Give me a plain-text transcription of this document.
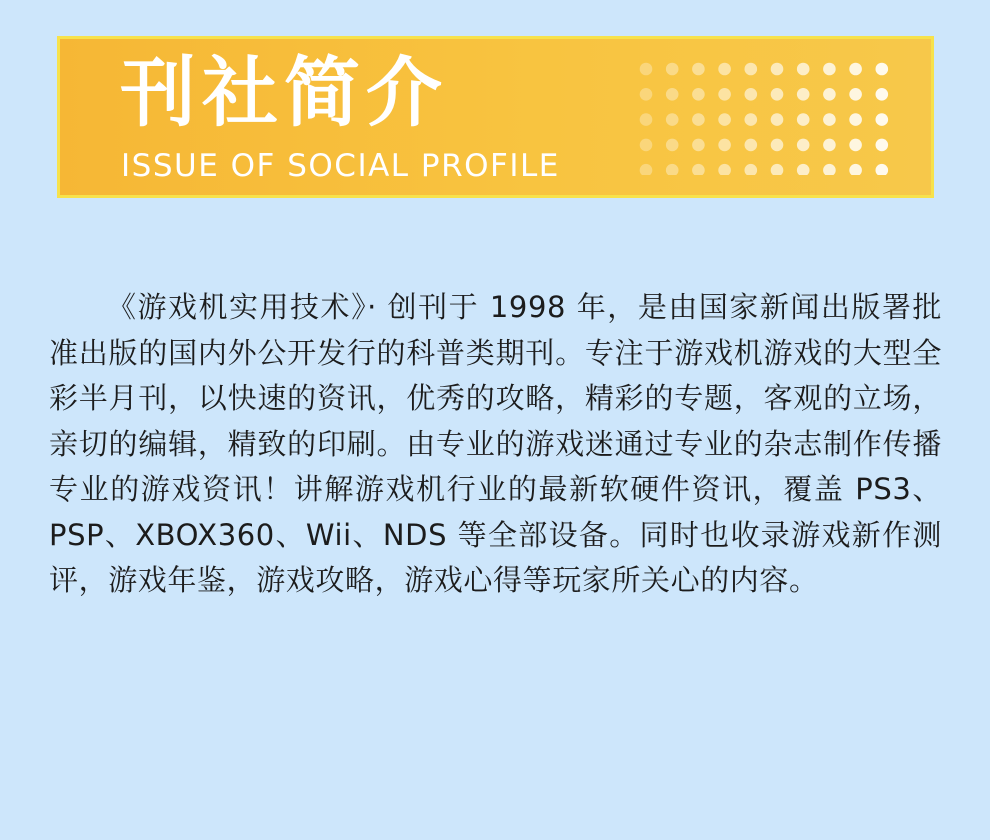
刊社简介
ISSUE OF SOCIAL PROFILE

《游戏机实用技术》· 创刊于 1998 年，是由国家新闻出版署批准出版的国内外公开发行的科普类期刊。专注于游戏机游戏的大型全彩半月刊，以快速的资讯，优秀的攻略，精彩的专题，客观的立场，亲切的编辑，精致的印刷。由专业的游戏迷通过专业的杂志制作传播专业的游戏资讯！讲解游戏机行业的最新软硬件资讯，覆盖 PS3、PSP、XBOX360、Wii、NDS 等全部设备。同时也收录游戏新作测评，游戏年鉴，游戏攻略，游戏心得等玩家所关心的内容。
